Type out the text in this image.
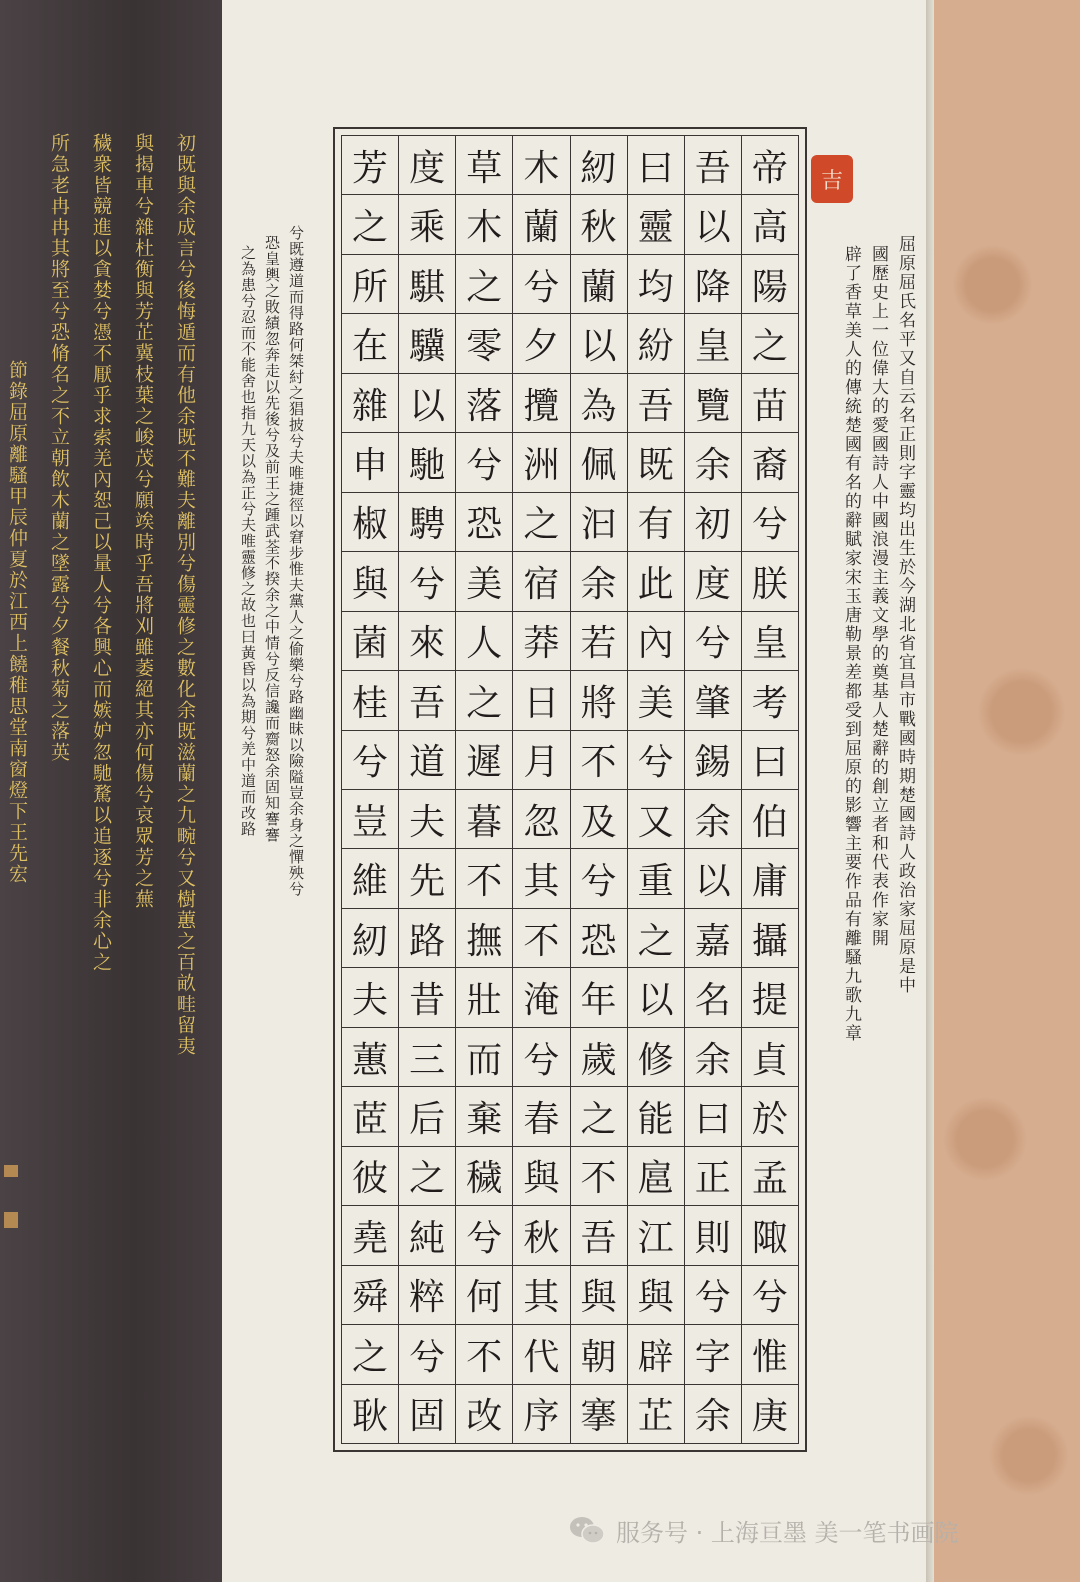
初既與余成言兮後悔遁而有他余既不難夫離別兮傷靈修之數化余既滋蘭之九畹兮又樹蕙之百畝畦留夷
與揭車兮雜杜衡與芳芷冀枝葉之峻茂兮願竢時乎吾將刈雖萎絕其亦何傷兮哀眾芳之蕪
穢衆皆競進以貪婪兮憑不厭乎求索羌內恕己以量人兮各興心而嫉妒忽馳騖以追逐兮非余心之
所急老冉冉其將至兮恐脩名之不立朝飲木蘭之墜露兮夕餐秋菊之落英
節錄屈原離騷甲辰仲夏於江西上饒稚思堂南窗燈下王先宏	兮既遵道而得路何桀紂之猖披兮夫唯捷徑以窘步惟夫黨人之偷樂兮路幽昧以險隘豈余身之憚殃兮
恐皇輿之敗績忽奔走以先後兮及前王之踵武荃不揆余之中情兮反信讒而齌怒余固知謇謇
之為患兮忍而不能舍也指九天以為正兮夫唯靈修之故也曰黃昏以為期兮羌中道而改路
帝
高
陽
之
苗
裔
兮
朕
皇
考
曰
伯
庸
攝
提
貞
於
孟
陬
兮
惟
庚
吾
以
降
皇
覽
余
初
度
兮
肇
錫
余
以
嘉
名
余
曰
正
則
兮
字
余
曰
靈
均
紛
吾
既
有
此
內
美
兮
又
重
之
以
修
能
扈
江
與
辟
芷
紉
秋
蘭
以
為
佩
汩
余
若
將
不
及
兮
恐
年
歲
之
不
吾
與
朝
搴
木
蘭
兮
夕
攬
洲
之
宿
莽
日
月
忽
其
不
淹
兮
春
與
秋
其
代
序
草
木
之
零
落
兮
恐
美
人
之
遲
暮
不
撫
壯
而
棄
穢
兮
何
不
改
度
乘
騏
驥
以
馳
騁
兮
來
吾
道
夫
先
路
昔
三
后
之
純
粹
兮
固
芳
之
所
在
雜
申
椒
與
菌
桂
兮
豈
維
紉
夫
蕙
茝
彼
堯
舜
之
耿
吉
屈原屈氏名平又自云名正則字靈均出生於今湖北省宜昌市戰國時期楚國詩人政治家屈原是中
國歷史上一位偉大的愛國詩人中國浪漫主義文學的奠基人楚辭的創立者和代表作家開
辟了香草美人的傳統楚國有名的辭賦家宋玉唐勒景差都受到屈原的影響主要作品有離騷九歌九章
服务号 · 上海亘墨 美一笔书画院
